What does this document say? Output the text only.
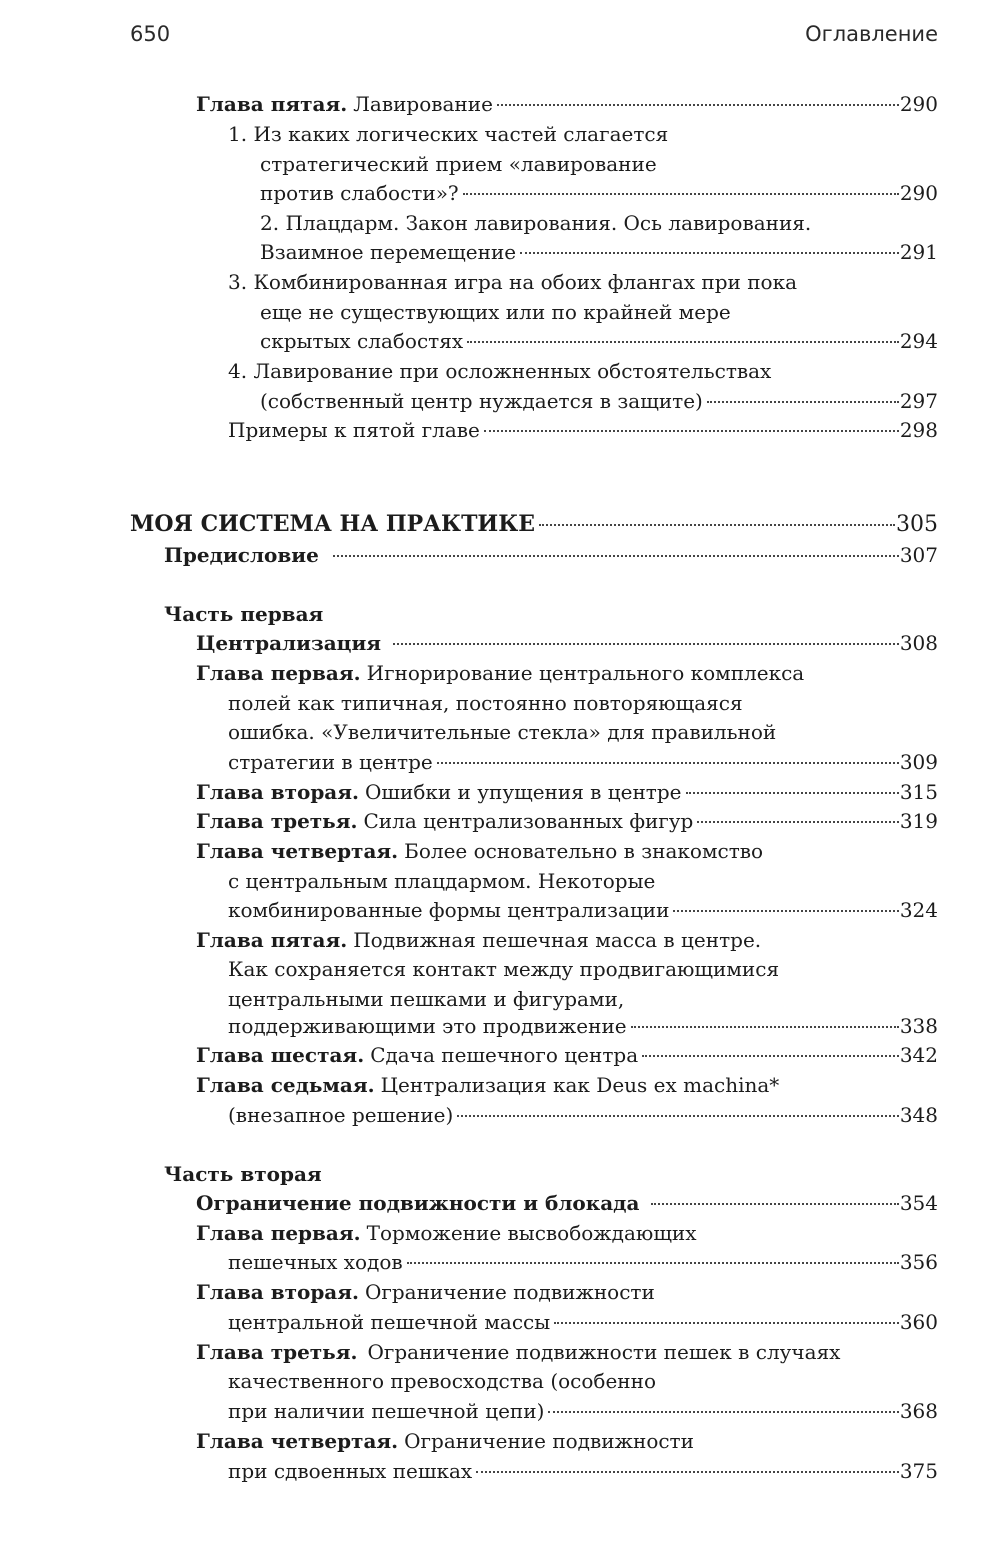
650	Оглавление
Глава пятая. Лавирование	290
1. Из каких логических частей слагается
стратегический прием «лавирование
против слабости»?	290
2. Плацдарм. Закон лавирования. Ось лавирования.
Взаимное перемещение	291
3. Комбинированная игра на обоих флангах при пока
еще не существующих или по крайней мере
скрытых слабостях	294
4. Лавирование при осложненных обстоятельствах
(собственный центр нуждается в защите)	297
Примеры к пятой главе	298
МОЯ СИСТЕМА НА ПРАКТИКЕ	305
Предисловие	307
Часть первая
Централизация	308
Глава первая. Игнорирование центрального комплекса
полей как типичная, постоянно повторяющаяся
ошибка. «Увеличительные стекла» для правильной
стратегии в центре	309
Глава вторая. Ошибки и упущения в центре	315
Глава третья. Сила централизованных фигур	319
Глава четвертая. Более основательно в знакомство
с центральным плацдармом. Некоторые
комбинированные формы централизации	324
Глава пятая. Подвижная пешечная масса в центре.
Как сохраняется контакт между продвигающимися
центральными пешками и фигурами,
поддерживающими это продвижение	338
Глава шестая. Сдача пешечного центра	342
Глава седьмая. Централизация как Deus ex machina*
(внезапное решение)	348
Часть вторая
Ограничение подвижности и блокада	354
Глава первая. Торможение высвобождающих
пешечных ходов	356
Глава вторая. Ограничение подвижности
центральной пешечной массы	360
Глава третья. Ограничение подвижности пешек в случаях
качественного превосходства (особенно
при наличии пешечной цепи)	368
Глава четвертая. Ограничение подвижности
при сдвоенных пешках	375
